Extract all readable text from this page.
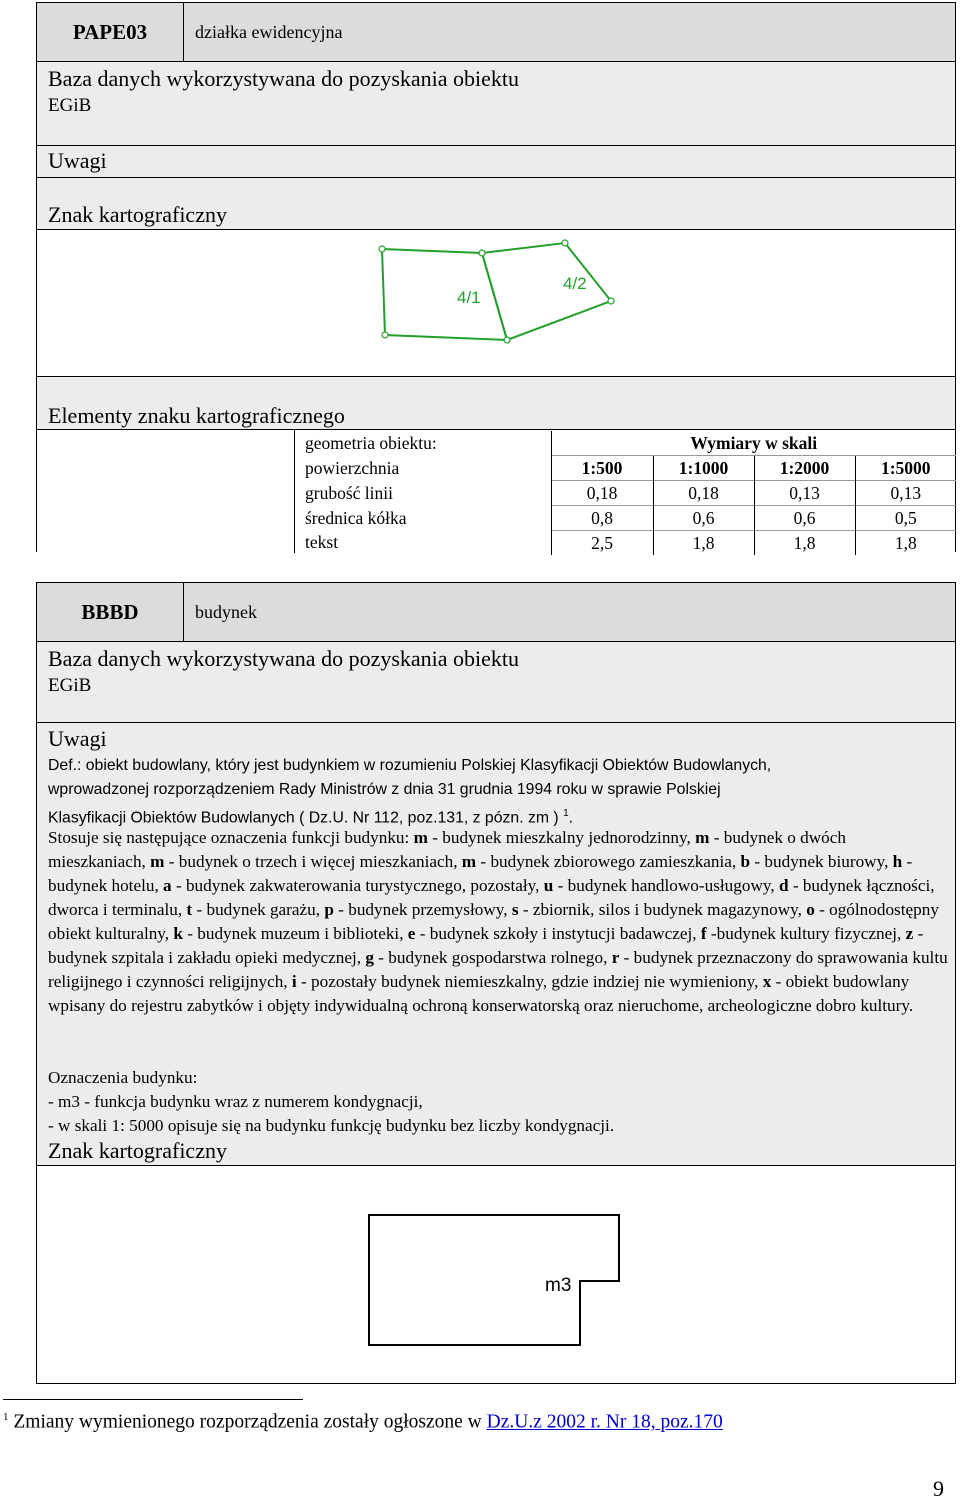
PAPE03	działka ewidencyjna
Baza danych wykorzystywana do pozyskania obiektu
EGiB
Uwagi
Znak kartograficzny
4/1
4/2
Elementy znaku kartograficznego
geometria obiektu:	Wymiary w skali			
powierzchnia	1:500	1:1000	1:2000	1:5000
grubość linii	0,18	0,18	0,13	0,13
średnica kółka	0,8	0,6	0,6	0,5
tekst	2,5	1,8	1,8	1,8
BBBD	budynek
Baza danych wykorzystywana do pozyskania obiektu
EGiB
Uwagi
Def.: obiekt budowlany, który jest budynkiem w rozumieniu Polskiej Klasyfikacji Obiektów Budowlanych,
wprowadzonej rozporządzeniem Rady Ministrów z dnia 31 grudnia 1994 roku w sprawie Polskiej
Klasyfikacji Obiektów Budowlanych ( Dz.U. Nr 112, poz.131, z pózn. zm ) $^1$.
Stosuje się następujące oznaczenia funkcji budynku: m - budynek mieszkalny jednorodzinny, m - budynek o dwóch mieszkaniach, m - budynek o trzech i więcej mieszkaniach, m - budynek zbiorowego zamieszkania, b - budynek biurowy, h - budynek hotelu, a - budynek zakwaterowania turystycznego, pozostały, u - budynek handlowo-usługowy, d - budynek łączności, dworca i terminalu, t - budynek garażu, p - budynek przemysłowy, s - zbiornik, silos i budynek magazynowy, o - ogólnodostępny obiekt kulturalny, k - budynek muzeum i biblioteki, e - budynek szkoły i instytucji badawczej, f -budynek kultury fizycznej, z - budynek szpitala i zakładu opieki medycznej, g - budynek gospodarstwa rolnego, r - budynek przeznaczony do sprawowania kultu religijnego i czynności religijnych, i - pozostały budynek niemieszkalny, gdzie indziej nie wymieniony, x - obiekt budowlany wpisany do rejestru zabytków i objęty indywidualną ochroną konserwatorską oraz nieruchome, archeologiczne dobro kultury.
Oznaczenia budynku:
- m3 - funkcja budynku wraz z numerem kondygnacji,
- w skali 1: 5000 opisuje się na budynku funkcję budynku bez liczby kondygnacji.
Znak kartograficzny
m3
$^1$ Zmiany wymienionego rozporządzenia zostały ogłoszone w Dz.U.z 2002 r. Nr 18, poz.170
9
